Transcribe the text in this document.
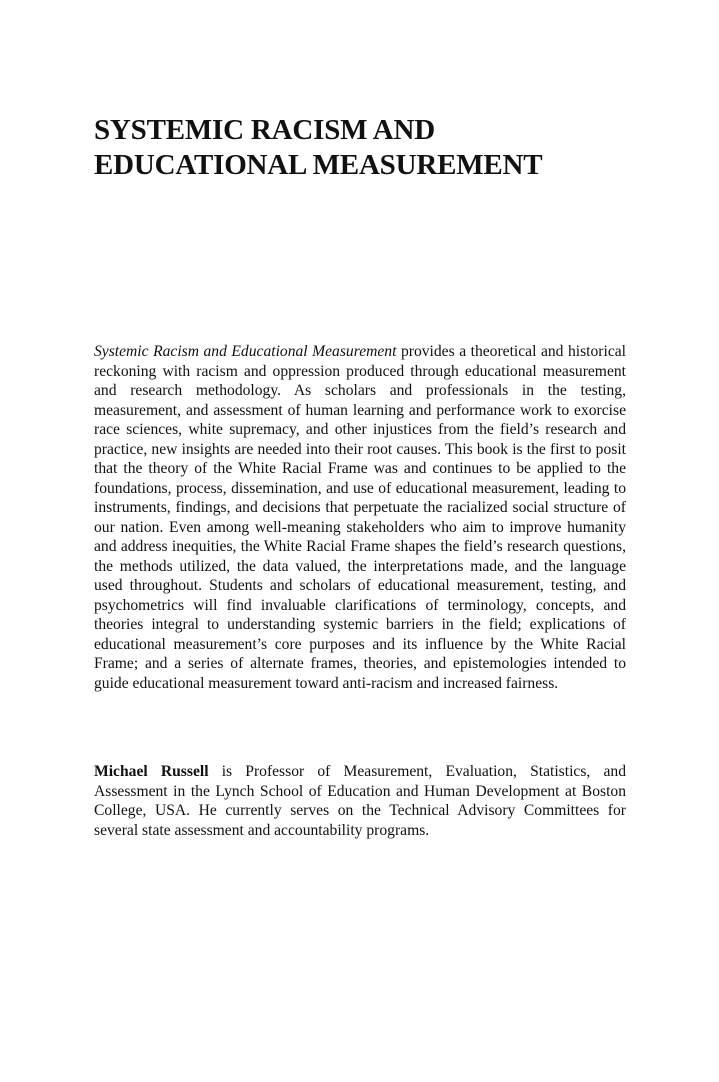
SYSTEMIC RACISM AND
EDUCATIONAL MEASUREMENT

Systemic Racism and Educational Measurement provides a theoretical and historical reckoning with racism and oppression produced through educational measurement and research methodology. As scholars and professionals in the testing, measurement, and assessment of human learning and performance work to exorcise race sciences, white supremacy, and other injustices from the field’s research and practice, new insights are needed into their root causes. This book is the first to posit that the theory of the White Racial Frame was and continues to be applied to the foundations, process, dissemination, and use of educational measurement, leading to instruments, findings, and decisions that perpetuate the racialized social structure of our nation. Even among well-meaning stakeholders who aim to improve humanity and address inequities, the White Racial Frame shapes the field’s research questions, the methods utilized, the data valued, the interpretations made, and the language used throughout. Students and scholars of educational measurement, testing, and psychometrics will find invaluable clarifications of terminology, concepts, and theories integral to understanding systemic barriers in the field; explications of educational measurement’s core purposes and its influence by the White Racial Frame; and a series of alternate frames, theories, and epistemologies intended to guide educational measurement toward anti-racism and increased fairness.

Michael Russell is Professor of Measurement, Evaluation, Statistics, and Assessment in the Lynch School of Education and Human Development at Boston College, USA. He currently serves on the Technical Advisory Committees for several state assessment and accountability programs.
